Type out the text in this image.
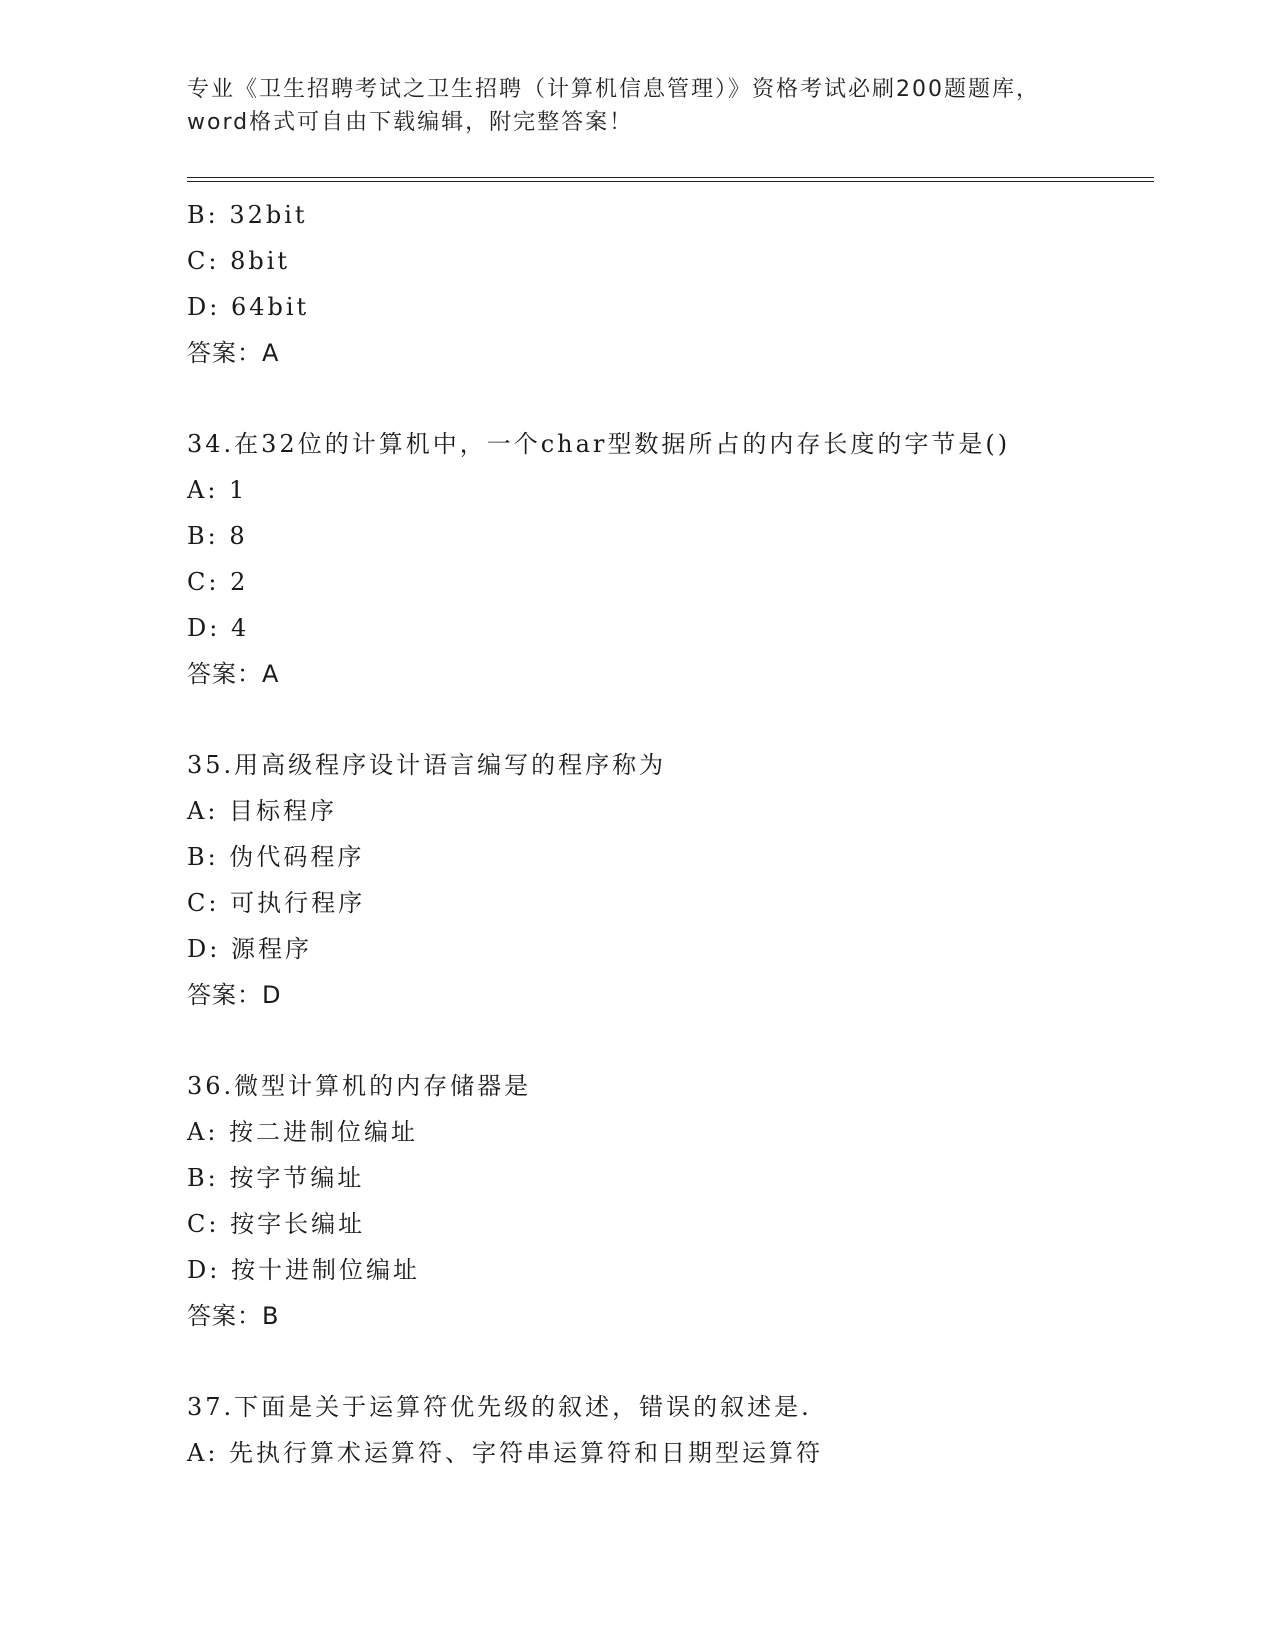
专业《卫生招聘考试之卫生招聘（计算机信息管理）》资格考试必刷200题题库，
word格式可自由下载编辑，附完整答案！
B: 32bit
C: 8bit
D: 64bit
答案：A
34.在32位的计算机中，一个char型数据所占的内存长度的字节是()
A: 1
B: 8
C: 2
D: 4
答案：A
35.用高级程序设计语言编写的程序称为
A: 目标程序
B: 伪代码程序
C: 可执行程序
D: 源程序
答案：D
36.微型计算机的内存储器是
A: 按二进制位编址
B: 按字节编址
C: 按字长编址
D: 按十进制位编址
答案：B
37.下面是关于运算符优先级的叙述，错误的叙述是.
A: 先执行算术运算符、字符串运算符和日期型运算符
